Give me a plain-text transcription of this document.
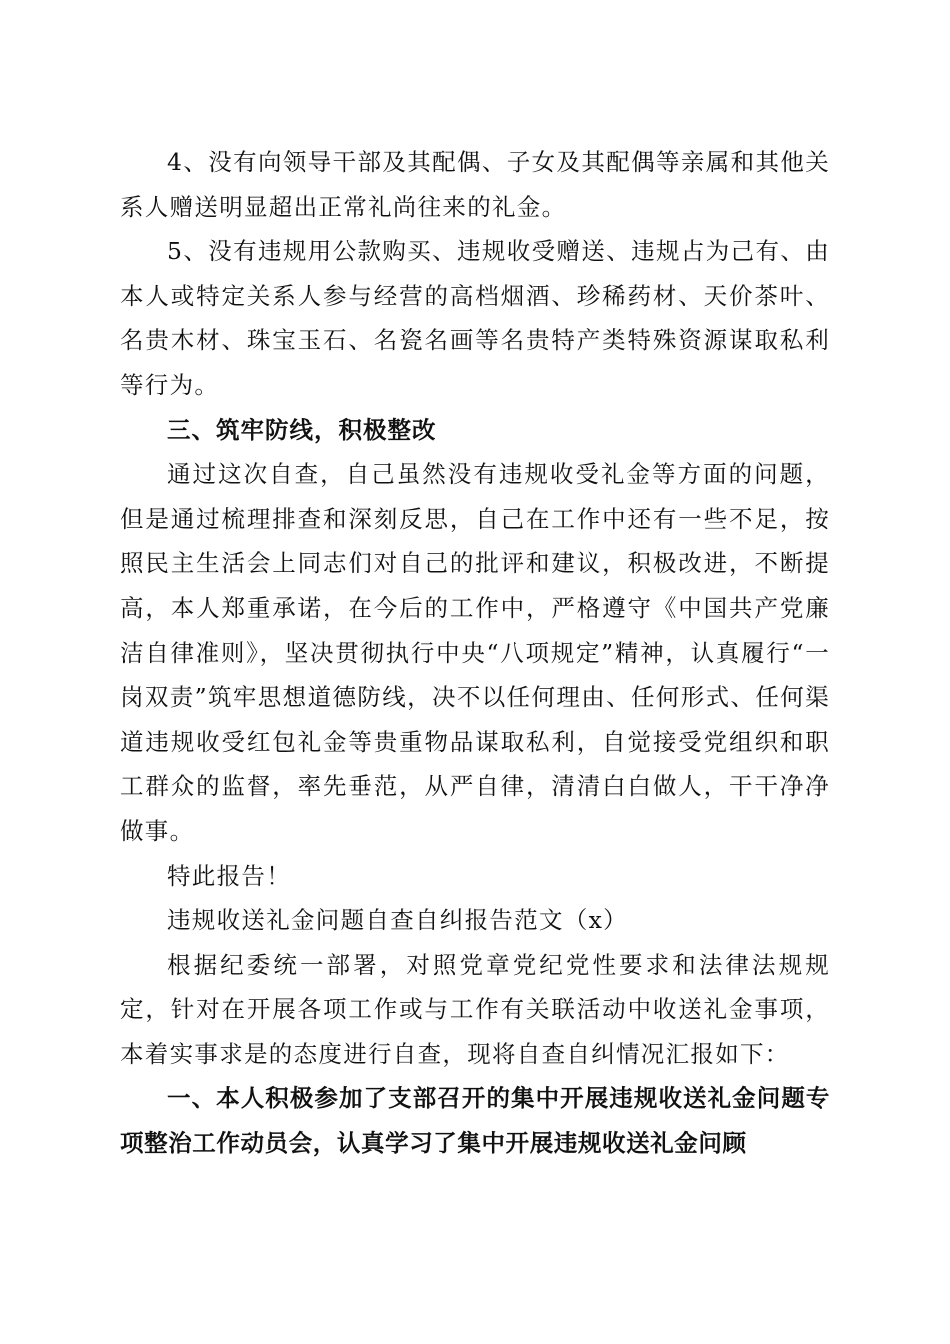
4、没有向领导干部及其配偶、子女及其配偶等亲属和其他关系人赠送明显超出正常礼尚往来的礼金。

5、没有违规用公款购买、违规收受赠送、违规占为己有、由本人或特定关系人参与经营的高档烟酒、珍稀药材、天价茶叶、名贵木材、珠宝玉石、名瓷名画等名贵特产类特殊资源谋取私利等行为。

三、筑牢防线，积极整改

通过这次自查，自己虽然没有违规收受礼金等方面的问题，但是通过梳理排查和深刻反思，自己在工作中还有一些不足，按照民主生活会上同志们对自己的批评和建议，积极改进，不断提高，本人郑重承诺，在今后的工作中，严格遵守《中国共产党廉洁自律准则》，坚决贯彻执行中央“八项规定”精神，认真履行“一岗双责”筑牢思想道德防线，决不以任何理由、任何形式、任何渠道违规收受红包礼金等贵重物品谋取私利，自觉接受党组织和职工群众的监督，率先垂范，从严自律，清清白白做人，干干净净做事。

特此报告！

违规收送礼金问题自查自纠报告范文（x）

根据纪委统一部署，对照党章党纪党性要求和法律法规规定，针对在开展各项工作或与工作有关联活动中收送礼金事项，本着实事求是的态度进行自查，现将自查自纠情况汇报如下：

一、本人积极参加了支部召开的集中开展违规收送礼金问题专项整治工作动员会，认真学习了集中开展违规收送礼金问顾
